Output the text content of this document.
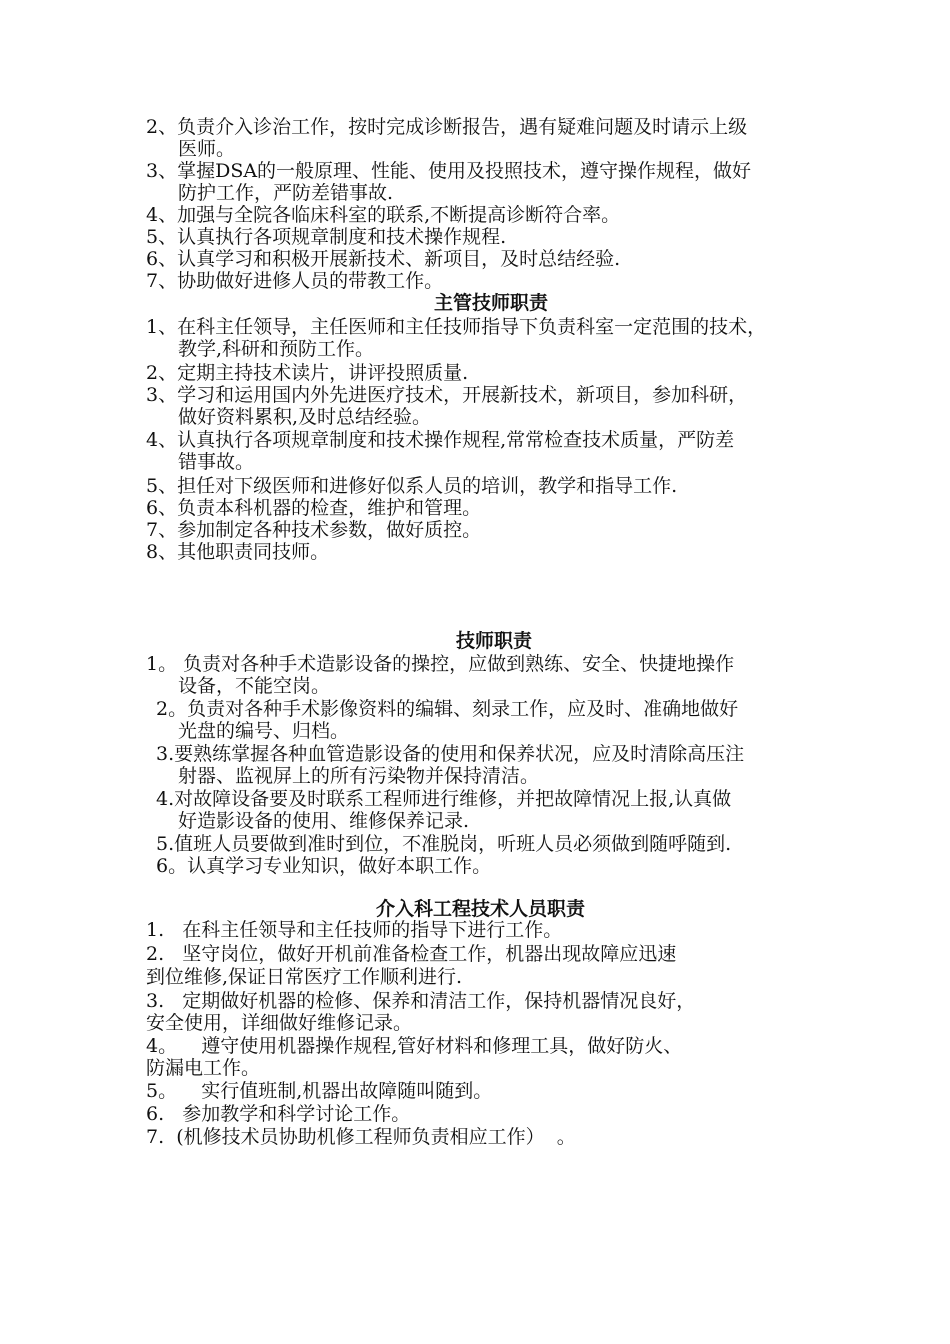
2、负责介入诊治工作，按时完成诊断报告，遇有疑难问题及时请示上级
医师。
3、掌握DSA的一般原理、性能、使用及投照技术，遵守操作规程，做好
防护工作，严防差错事故.
4、加强与全院各临床科室的联系,不断提高诊断符合率。
5、认真执行各项规章制度和技术操作规程.
6、认真学习和积极开展新技术、新项目，及时总结经验.
7、协助做好进修人员的带教工作。
主管技师职责
1、在科主任领导，主任医师和主任技师指导下负责科室一定范围的技术，
教学,科研和预防工作。
2、定期主持技术读片，讲评投照质量.
3、学习和运用国内外先进医疗技术，开展新技术，新项目，参加科研，
做好资料累积,及时总结经验。
4、认真执行各项规章制度和技术操作规程,常常检查技术质量，严防差
错事故。
5、担任对下级医师和进修好似系人员的培训，教学和指导工作.
6、负责本科机器的检查，维护和管理。
7、参加制定各种技术参数，做好质控。
8、其他职责同技师。
技师职责
1。 负责对各种手术造影设备的操控，应做到熟练、安全、快捷地操作
设备，不能空岗。
2。负责对各种手术影像资料的编辑、刻录工作，应及时、准确地做好
光盘的编号、归档。
3.要熟练掌握各种血管造影设备的使用和保养状况，应及时清除高压注
射器、监视屏上的所有污染物并保持清洁。
4.对故障设备要及时联系工程师进行维修，并把故障情况上报,认真做
好造影设备的使用、维修保养记录.
5.值班人员要做到准时到位，不准脱岗，听班人员必须做到随呼随到.
6。认真学习专业知识，做好本职工作。
介入科工程技术人员职责
1.   在科主任领导和主任技师的指导下进行工作。
2.   坚守岗位，做好开机前准备检查工作，机器出现故障应迅速
到位维修,保证日常医疗工作顺利进行.
3.   定期做好机器的检修、保养和清洁工作，保持机器情况良好，
安全使用，详细做好维修记录。
4。    遵守使用机器操作规程,管好材料和修理工具，做好防火、
防漏电工作。
5。    实行值班制,机器出故障随叫随到。
6.   参加教学和科学讨论工作。
7.  (机修技术员协助机修工程师负责相应工作）  。
